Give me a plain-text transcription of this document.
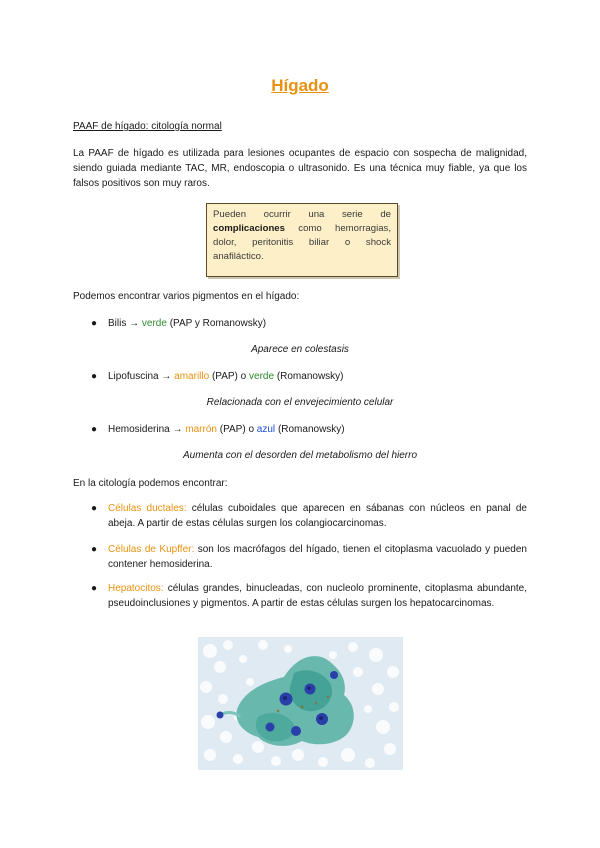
Hígado
PAAF de hígado: citología normal
La PAAF de hígado es utilizada para lesiones ocupantes de espacio con sospecha de malignidad, siendo guiada mediante TAC, MR, endoscopia o ultrasonido. Es una técnica muy fiable, ya que los falsos positivos son muy raros.
Pueden ocurrir una serie de complicaciones como hemorragias, dolor, peritonitis biliar o shock anafiláctico.
Podemos encontrar varios pigmentos en el hígado:
● Bilis → verde (PAP y Romanowsky)
Aparece en colestasis
● Lipofuscina → amarillo (PAP) o verde (Romanowsky)
Relacionada con el envejecimiento celular
● Hemosiderina → marrón (PAP) o azul (Romanowsky)
Aumenta con el desorden del metabolismo del hierro
En la citología podemos encontrar:
● Células ductales: células cuboidales que aparecen en sábanas con núcleos en panal de abeja. A partir de estas células surgen los colangiocarcinomas.
● Células de Kupffer: son los macrófagos del hígado, tienen el citoplasma vacuolado y pueden contener hemosiderina.
● Hepatocitos: células grandes, binucleadas, con nucleolo prominente, citoplasma abundante, pseudoinclusiones y pigmentos. A partir de estas células surgen los hepatocarcinomas.
